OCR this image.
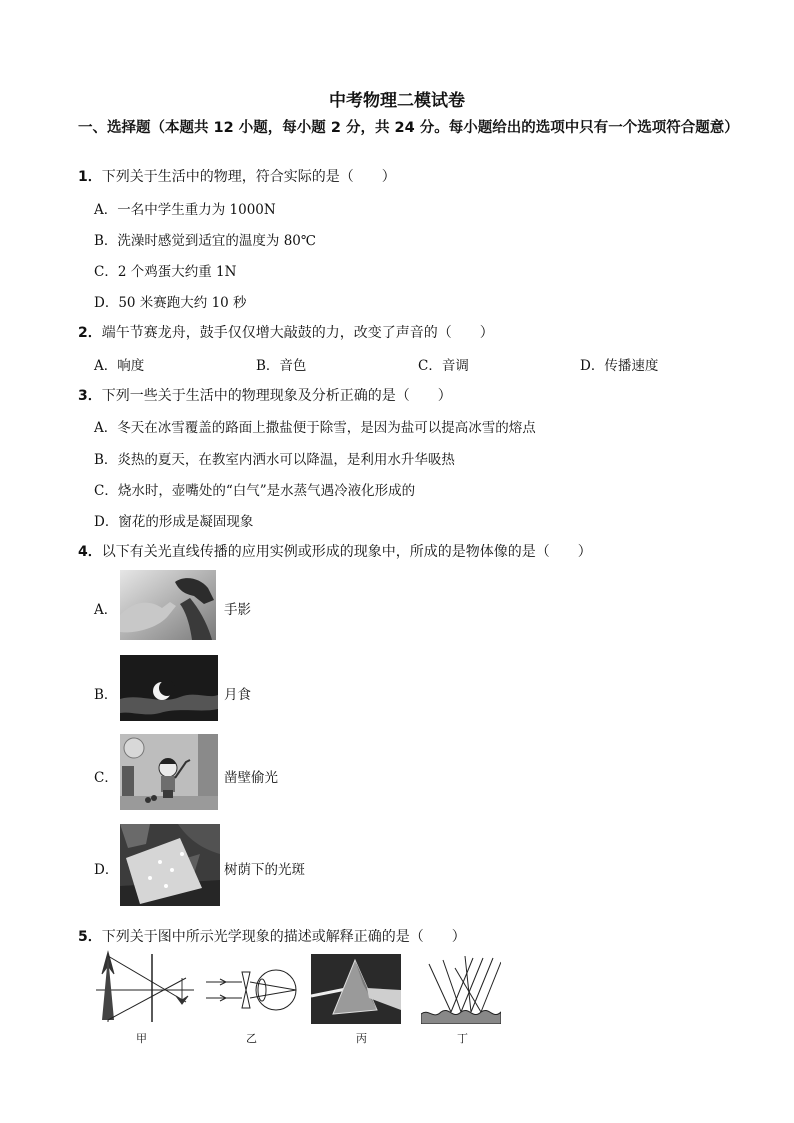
中考物理二模试卷
一、选择题（本题共 12 小题，每小题 2 分，共 24 分。每小题给出的选项中只有一个选项符合题意）
1．下列关于生活中的物理，符合实际的是（　　）
A．一名中学生重力为 1000N
B．洗澡时感觉到适宜的温度为 80℃
C．2 个鸡蛋大约重 1N
D．50 米赛跑大约 10 秒
2．端午节赛龙舟，鼓手仅仅增大敲鼓的力，改变了声音的（　　）
A．响度	B．音色	C．音调	D．传播速度
3．下列一些关于生活中的物理现象及分析正确的是（　　）
A．冬天在冰雪覆盖的路面上撒盐便于除雪，是因为盐可以提高冰雪的熔点
B．炎热的夏天，在教室内洒水可以降温，是利用水升华吸热
C．烧水时，壶嘴处的“白气”是水蒸气遇冷液化形成的
D．窗花的形成是凝固现象
4．以下有关光直线传播的应用实例或形成的现象中，所成的是物体像的是（　　）
A．	手影
B．	月食
C．	凿壁偷光
D．	树荫下的光斑
5．下列关于图中所示光学现象的描述或解释正确的是（　　）
甲	乙	丙	丁
